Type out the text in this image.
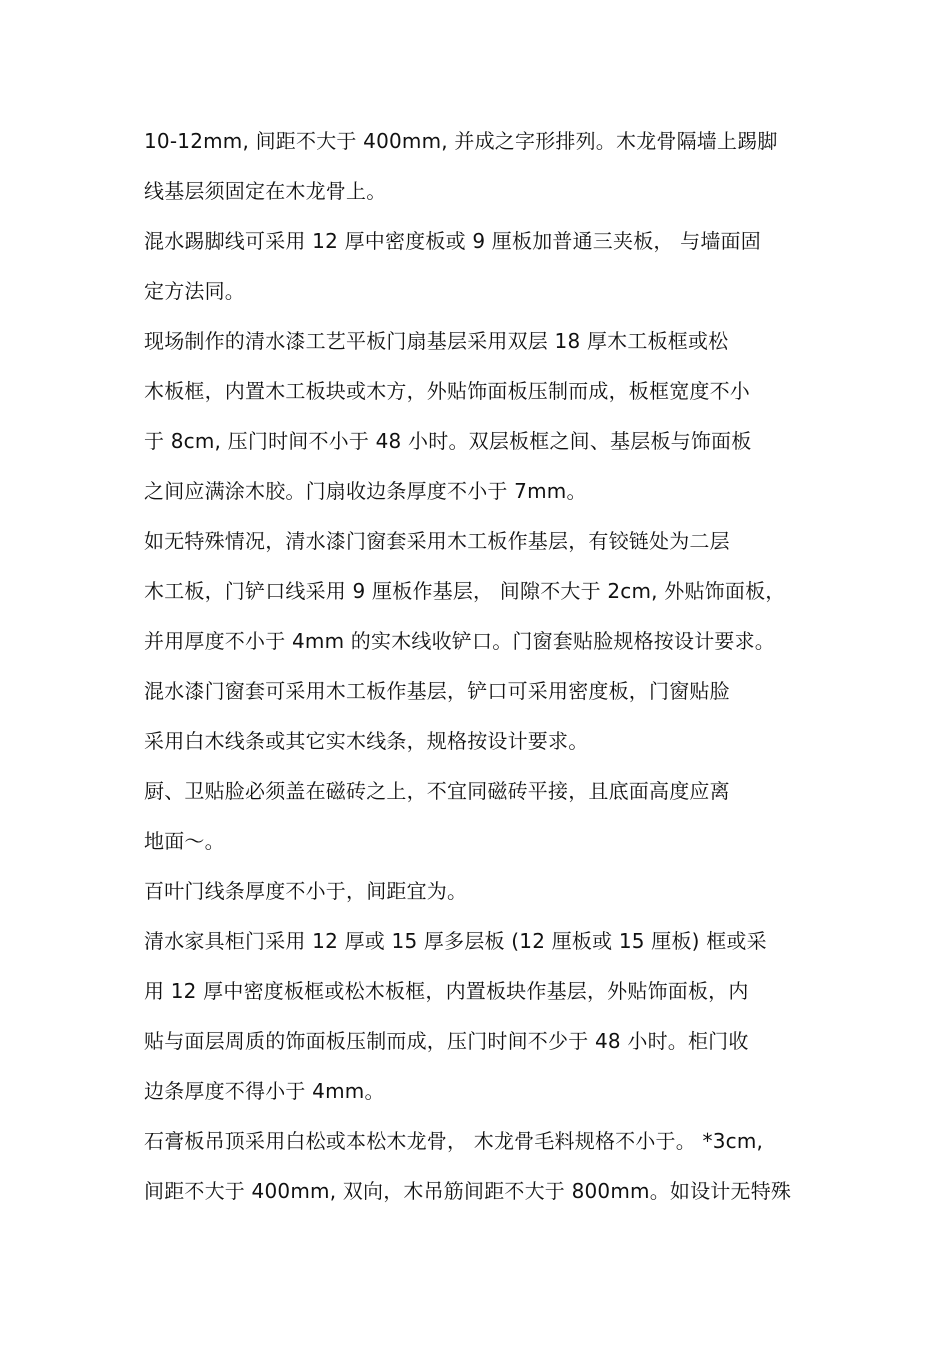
10-12mm, 间距不大于 400mm, 并成之字形排列。木龙骨隔墙上踢脚
线基层须固定在木龙骨上。
混水踢脚线可采用 12 厚中密度板或 9 厘板加普通三夹板， 与墙面固
定方法同。
现场制作的清水漆工艺平板门扇基层采用双层 18 厚木工板框或松
木板框，内置木工板块或木方，外贴饰面板压制而成，板框宽度不小
于 8cm, 压门时间不小于 48 小时。双层板框之间、基层板与饰面板
之间应满涂木胶。门扇收边条厚度不小于 7mm。
如无特殊情况，清水漆门窗套采用木工板作基层，有铰链处为二层
木工板，门铲口线采用 9 厘板作基层， 间隙不大于 2cm, 外贴饰面板，
并用厚度不小于 4mm 的实木线收铲口。门窗套贴脸规格按设计要求。
混水漆门窗套可采用木工板作基层，铲口可采用密度板，门窗贴脸
采用白木线条或其它实木线条，规格按设计要求。
厨、卫贴脸必须盖在磁砖之上，不宜同磁砖平接，且底面高度应离
地面～。
百叶门线条厚度不小于，间距宜为。
清水家具柜门采用 12 厚或 15 厚多层板 (12 厘板或 15 厘板) 框或采
用 12 厚中密度板框或松木板框，内置板块作基层，外贴饰面板，内
贴与面层周质的饰面板压制而成，压门时间不少于 48 小时。柜门收
边条厚度不得小于 4mm。
石膏板吊顶采用白松或本松木龙骨， 木龙骨毛料规格不小于。 *3cm,
间距不大于 400mm, 双向，木吊筋间距不大于 800mm。如设计无特殊
